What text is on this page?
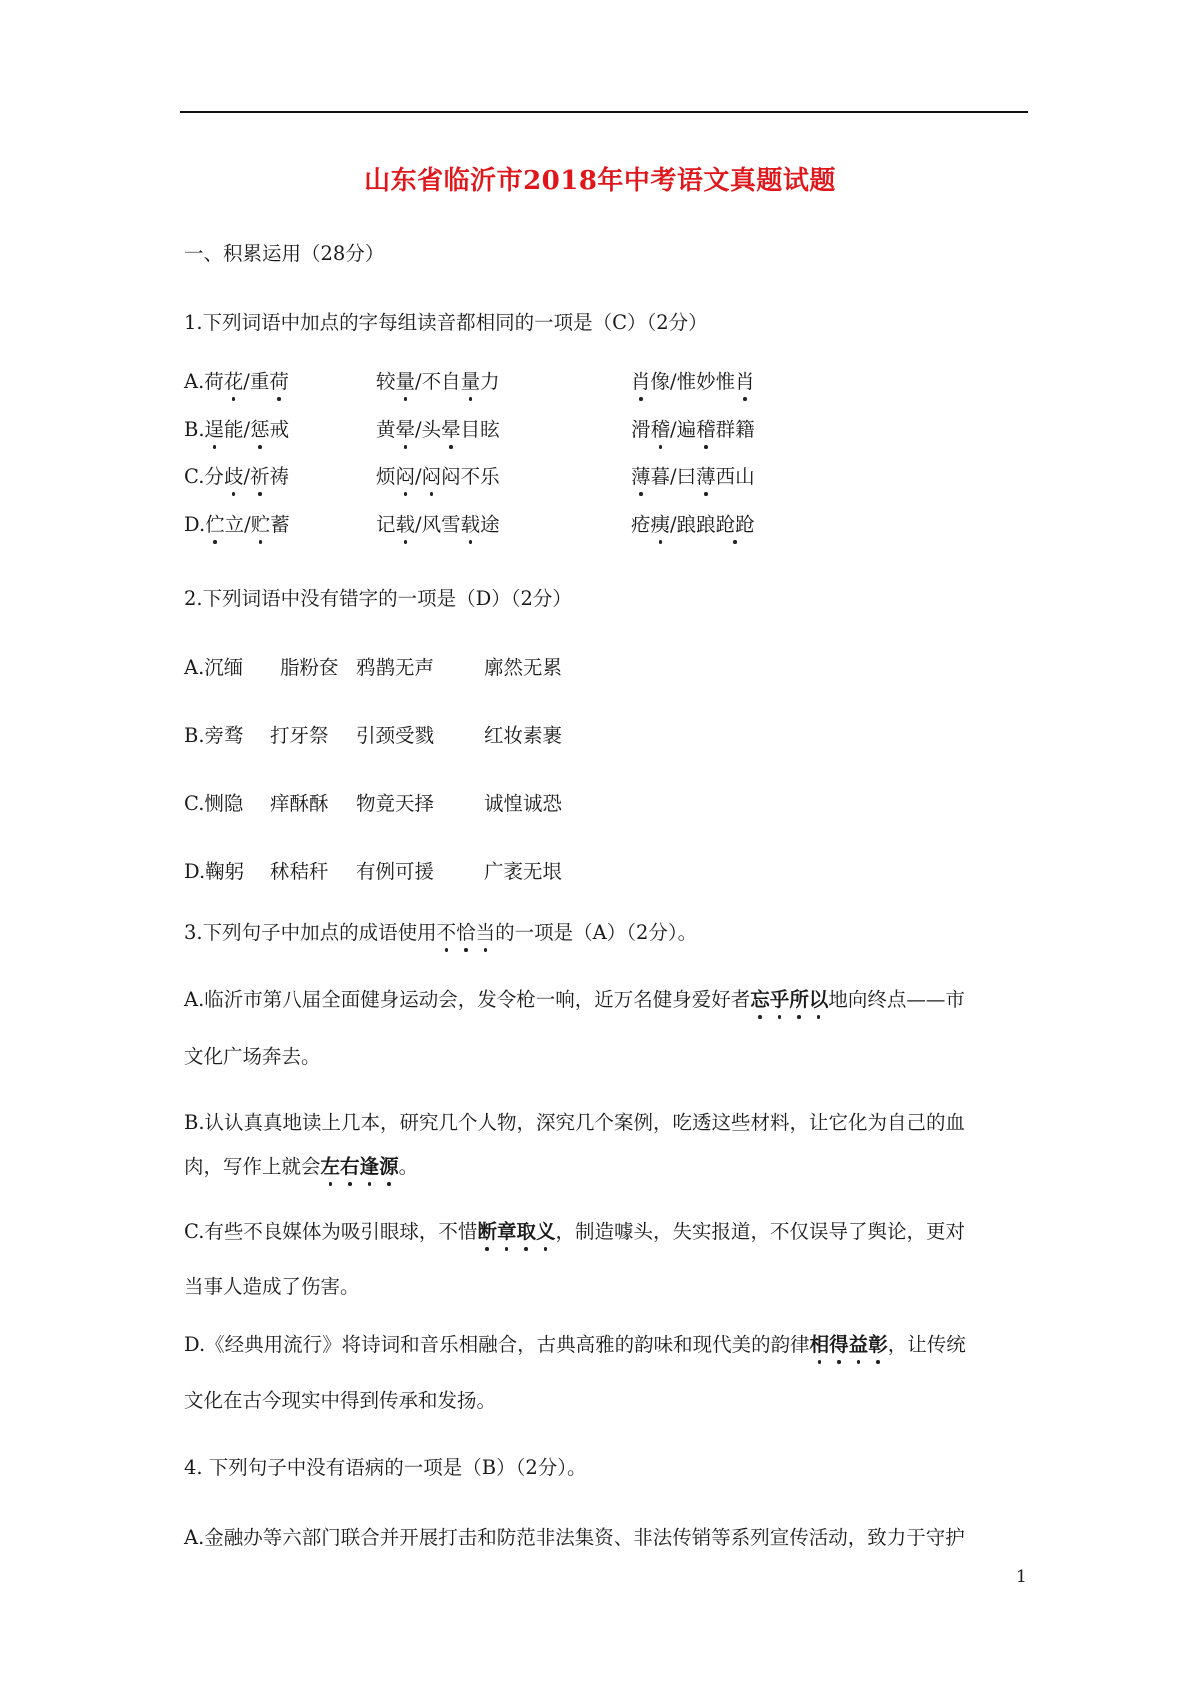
山东省临沂市2018年中考语文真题试题
一、积累运用（28分）
1.下列词语中加点的字每组读音都相同的一项是（C）（2分）
A.荷花/重荷	较量/不自量力	肖像/惟妙惟肖
B.逞能/惩戒	黄晕/头晕目眩	滑稽/遍稽群籍
C.分歧/祈祷	烦闷/闷闷不乐	薄暮/曰薄西山
D.伫立/贮蓄	记载/风雪载途	疮痍/踉踉跄跄
2.下列词语中没有错字的一项是（D）（2分）
A.沉缅 脂粉奁 鸦鹊无声	廓然无累
B.旁骛 打牙祭 引颈受戮	红妆素裹
C.恻隐 痒酥酥 物竟天择	诚惶诚恐
D.鞠躬 秫秸秆 有例可援	广袤无垠
3.下列句子中加点的成语使用不恰当的一项是（A）（2分）。
A.临沂市第八届全面健身运动会，发令枪一响，近万名健身爱好者忘乎所以地向终点——市
文化广场奔去。
B.认认真真地读上几本，研究几个人物，深究几个案例，吃透这些材料，让它化为自己的血
肉，写作上就会左右逢源。
C.有些不良媒体为吸引眼球，不惜断章取义，制造噱头，失实报道，不仅误导了舆论，更对
当事人造成了伤害。
D.《经典用流行》将诗词和音乐相融合，古典高雅的韵味和现代美的韵律相得益彰，让传统
文化在古今现实中得到传承和发扬。
4. 下列句子中没有语病的一项是（B）（2分）。
A.金融办等六部门联合并开展打击和防范非法集资、非法传销等系列宣传活动，致力于守护
1
